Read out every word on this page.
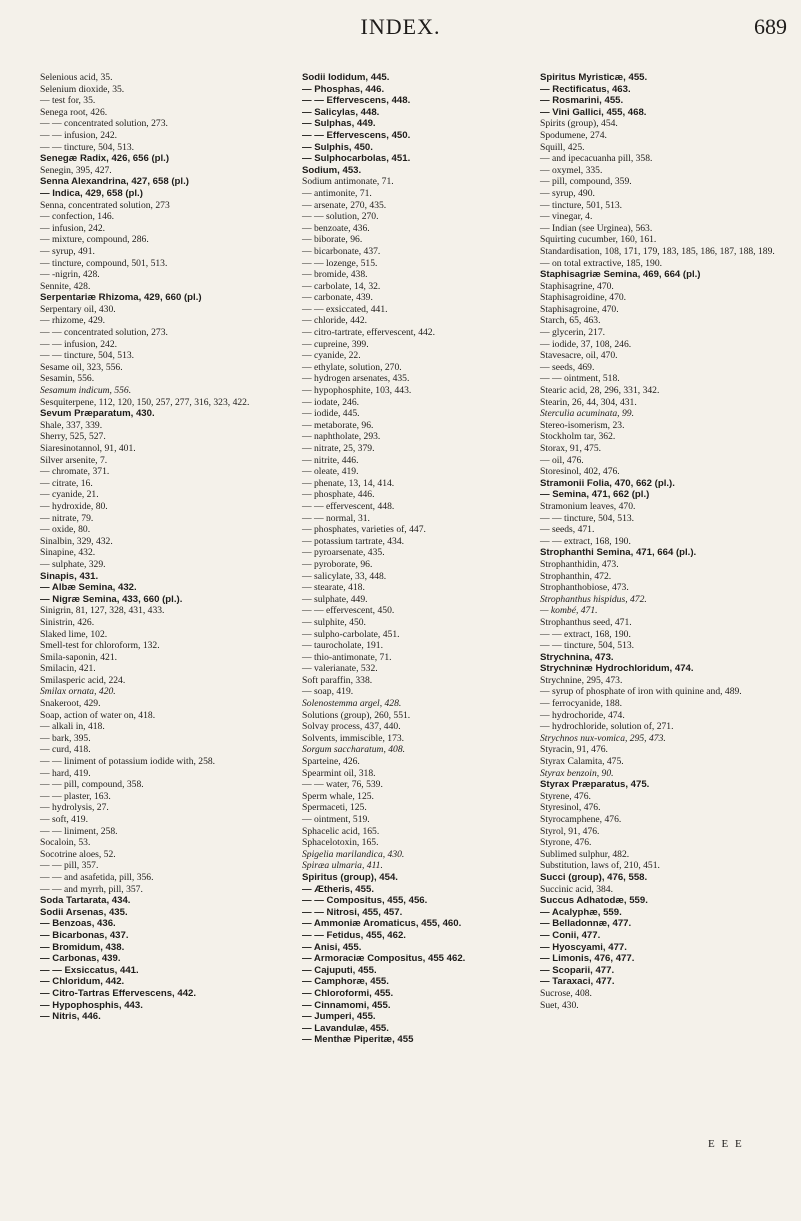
INDEX.	689

Selenious acid, 35.

Selenium dioxide, 35.

— test for, 35.

Senega root, 426.

— — concentrated solution, 273.

— — infusion, 242.

— — tincture, 504, 513.

Senegæ Radix, 426, 656 (pl.)

Senegin, 395, 427.

Senna Alexandrina, 427, 658 (pl.)

— Indica, 429, 658 (pl.)

Senna, concentrated solution, 273

— confection, 146.

— infusion, 242.

— mixture, compound, 286.

— syrup, 491.

— tincture, compound, 501, 513.

— -nigrin, 428.

Sennite, 428.

Serpentariæ Rhizoma, 429, 660 (pl.)

Serpentary oil, 430.

— rhizome, 429.

— — concentrated solution, 273.

— — infusion, 242.

— — tincture, 504, 513.

Sesame oil, 323, 556.

Sesamin, 556.

Sesamum indicum, 556.

Sesquiterpene, 112, 120, 150, 257, 277, 316, 323, 422.

Sevum Præparatum, 430.

Shale, 337, 339.

Sherry, 525, 527.

Siaresinotannol, 91, 401.

Silver arsenite, 7.

— chromate, 371.

— citrate, 16.

— cyanide, 21.

— hydroxide, 80.

— nitrate, 79.

— oxide, 80.

Sinalbin, 329, 432.

Sinapine, 432.

— sulphate, 329.

Sinapis, 431.

— Albæ Semina, 432.

— Nigræ Semina, 433, 660 (pl.).

Sinigrin, 81, 127, 328, 431, 433.

Sinistrin, 426.

Slaked lime, 102.

Smell-test for chloroform, 132.

Smila-saponin, 421.

Smilacin, 421.

Smilasperic acid, 224.

Smilax ornata, 420.

Snakeroot, 429.

Soap, action of water on, 418.

— alkali in, 418.

— bark, 395.

— curd, 418.

— — liniment of potassium iodide with, 258.

— hard, 419.

— — pill, compound, 358.

— — plaster, 163.

— hydrolysis, 27.

— soft, 419.

— — liniment, 258.

Socaloin, 53.

Socotrine aloes, 52.

— — pill, 357.

— — and asafetida, pill, 356.

— — and myrrh, pill, 357.

Soda Tartarata, 434.

Sodii Arsenas, 435.

— Benzoas, 436.

— Bicarbonas, 437.

— Bromidum, 438.

— Carbonas, 439.

— — Exsiccatus, 441.

— Chloridum, 442.

— Citro-Tartras Effervescens, 442.

— Hypophosphis, 443.

— Nitris, 446.

Sodii Iodidum, 445.

— Phosphas, 446.

— — Effervescens, 448.

— Salicylas, 448.

— Sulphas, 449.

— — Effervescens, 450.

— Sulphis, 450.

— Sulphocarbolas, 451.

Sodium, 453.

Sodium antimonate, 71.

— antimonite, 71.

— arsenate, 270, 435.

— — solution, 270.

— benzoate, 436.

— biborate, 96.

— bicarbonate, 437.

— — lozenge, 515.

— bromide, 438.

— carbolate, 14, 32.

— carbonate, 439.

— — exsiccated, 441.

— chloride, 442.

— citro-tartrate, effervescent, 442.

— cupreine, 399.

— cyanide, 22.

— ethylate, solution, 270.

— hydrogen arsenates, 435.

— hypophosphite, 103, 443.

— iodate, 246.

— iodide, 445.

— metaborate, 96.

— naphtholate, 293.

— nitrate, 25, 379.

— nitrite, 446.

— oleate, 419.

— phenate, 13, 14, 414.

— phosphate, 446.

— — effervescent, 448.

— — normal, 31.

— phosphates, varieties of, 447.

— potassium tartrate, 434.

— pyroarsenate, 435.

— pyroborate, 96.

— salicylate, 33, 448.

— stearate, 418.

— sulphate, 449.

— — effervescent, 450.

— sulphite, 450.

— sulpho-carbolate, 451.

— taurocholate, 191.

— thio-antimonate, 71.

— valerianate, 532.

Soft paraffin, 338.

— soap, 419.

Solenostemma argel, 428.

Solutions (group), 260, 551.

Solvay process, 437, 440.

Solvents, immiscible, 173.

Sorgum saccharatum, 408.

Sparteine, 426.

Spearmint oil, 318.

— — water, 76, 539.

Sperm whale, 125.

Spermaceti, 125.

— ointment, 519.

Sphacelic acid, 165.

Sphacelotoxin, 165.

Spigelia marilandica, 430.

Spiræa ulmaria, 411.

Spiritus (group), 454.

— Ætheris, 455.

— — Compositus, 455, 456.

— — Nitrosi, 455, 457.

— Ammoniæ Aromaticus, 455, 460.

— — Fetidus, 455, 462.

— Anisi, 455.

— Armoraciæ Compositus, 455 462.

— Cajuputi, 455.

— Camphoræ, 455.

— Chloroformi, 455.

— Cinnamomi, 455.

— Jumperi, 455.

— Lavandulæ, 455.

— Menthæ Piperitæ, 455

Spiritus Myristicæ, 455.

— Rectificatus, 463.

— Rosmarini, 455.

— Vini Gallici, 455, 468.

Spirits (group), 454.

Spodumene, 274.

Squill, 425.

— and ipecacuanha pill, 358.

— oxymel, 335.

— pill, compound, 359.

— syrup, 490.

— tincture, 501, 513.

— vinegar, 4.

— Indian (see Urginea), 563.

Squirting cucumber, 160, 161.

Standardisation, 108, 171, 179, 183, 185, 186, 187, 188, 189.

— on total extractive, 185, 190.

Staphisagriæ Semina, 469, 664 (pl.)

Staphisagrine, 470.

Staphisagroidine, 470.

Staphisagroine, 470.

Starch, 65, 463.

— glycerin, 217.

— iodide, 37, 108, 246.

Stavesacre, oil, 470.

— seeds, 469.

— — ointment, 518.

Stearic acid, 28, 296, 331, 342.

Stearin, 26, 44, 304, 431.

Sterculia acuminata, 99.

Stereo-isomerism, 23.

Stockholm tar, 362.

Storax, 91, 475.

— oil, 476.

Storesinol, 402, 476.

Stramonii Folia, 470, 662 (pl.).

— Semina, 471, 662 (pl.)

Stramonium leaves, 470.

— — tincture, 504, 513.

— seeds, 471.

— — extract, 168, 190.

Strophanthi Semina, 471, 664 (pl.).

Strophanthidin, 473.

Strophanthin, 472.

Strophanthobiose, 473.

Strophanthus hispidus, 472.

— kombé, 471.

Strophanthus seed, 471.

— — extract, 168, 190.

— — tincture, 504, 513.

Strychnina, 473.

Strychninæ Hydrochloridum, 474.

Strychnine, 295, 473.

— syrup of phosphate of iron with quinine and, 489.

— ferrocyanide, 188.

— hydrochoride, 474.

— hydrochloride, solution of, 271.

Strychnos nux-vomica, 295, 473.

Styracin, 91, 476.

Styrax Calamita, 475.

Styrax benzoin, 90.

Styrax Præparatus, 475.

Styrene, 476.

Styresinol, 476.

Styrocamphene, 476.

Styrol, 91, 476.

Styrone, 476.

Sublimed sulphur, 482.

Substitution, laws of, 210, 451.

Succi (group), 476, 558.

Succinic acid, 384.

Succus Adhatodæ, 559.

— Acalyphæ, 559.

— Belladonnæ, 477.

— Conii, 477.

— Hyoscyami, 477.

— Limonis, 476, 477.

— Scoparii, 477.

— Taraxaci, 477.

Sucrose, 408.

Suet, 430.

E E E
